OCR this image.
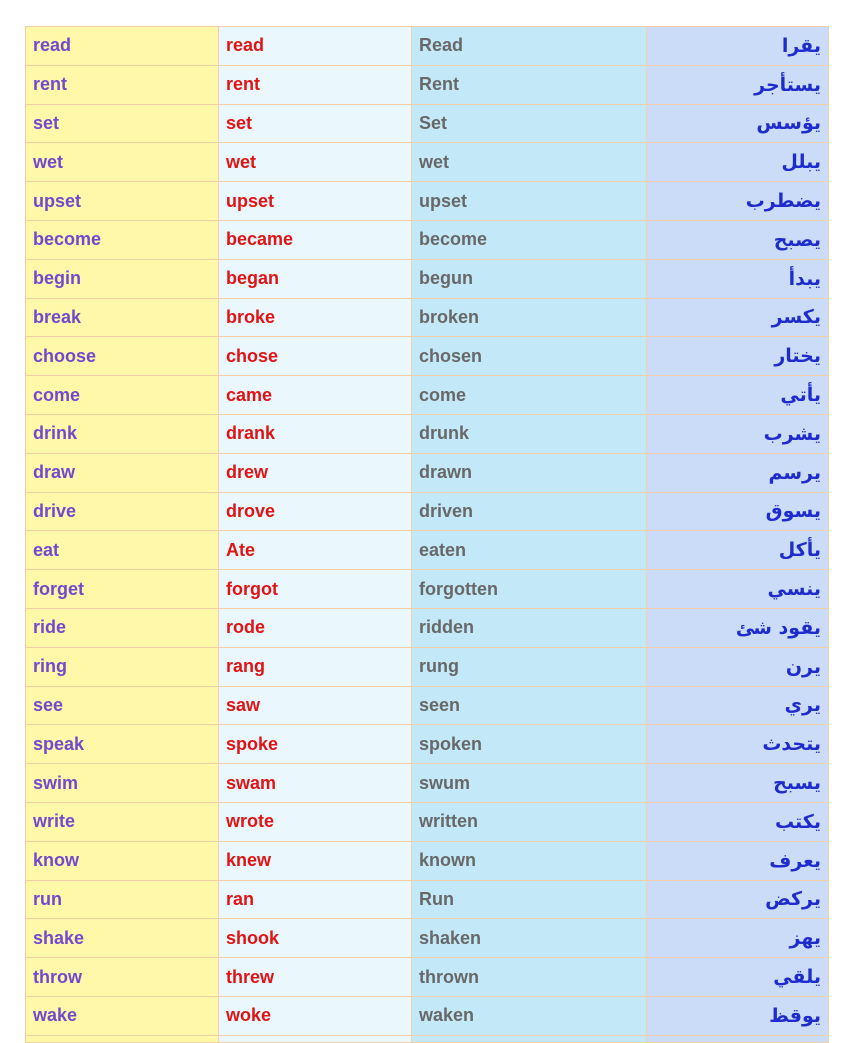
read	read	Read	يقرا
rent	rent	Rent	يستأجر
set	set	Set	يؤسس
wet	wet	wet	يبلل
upset	upset	upset	يضطرب
become	became	become	يصبح
begin	began	begun	يبدأ
break	broke	broken	يكسر
choose	chose	chosen	يختار
come	came	come	يأتي
drink	drank	drunk	يشرب
draw	drew	drawn	يرسم
drive	drove	driven	يسوق
eat	Ate	eaten	يأكل
forget	forgot	forgotten	ينسي
ride	rode	ridden	يقود شئ
ring	rang	rung	يرن
see	saw	seen	يري
speak	spoke	spoken	يتحدث
swim	swam	swum	يسبح
write	wrote	written	يكتب
know	knew	known	يعرف
run	ran	Run	يركض
shake	shook	shaken	يهز
throw	threw	thrown	يلقي
wake	woke	waken	يوقظ
